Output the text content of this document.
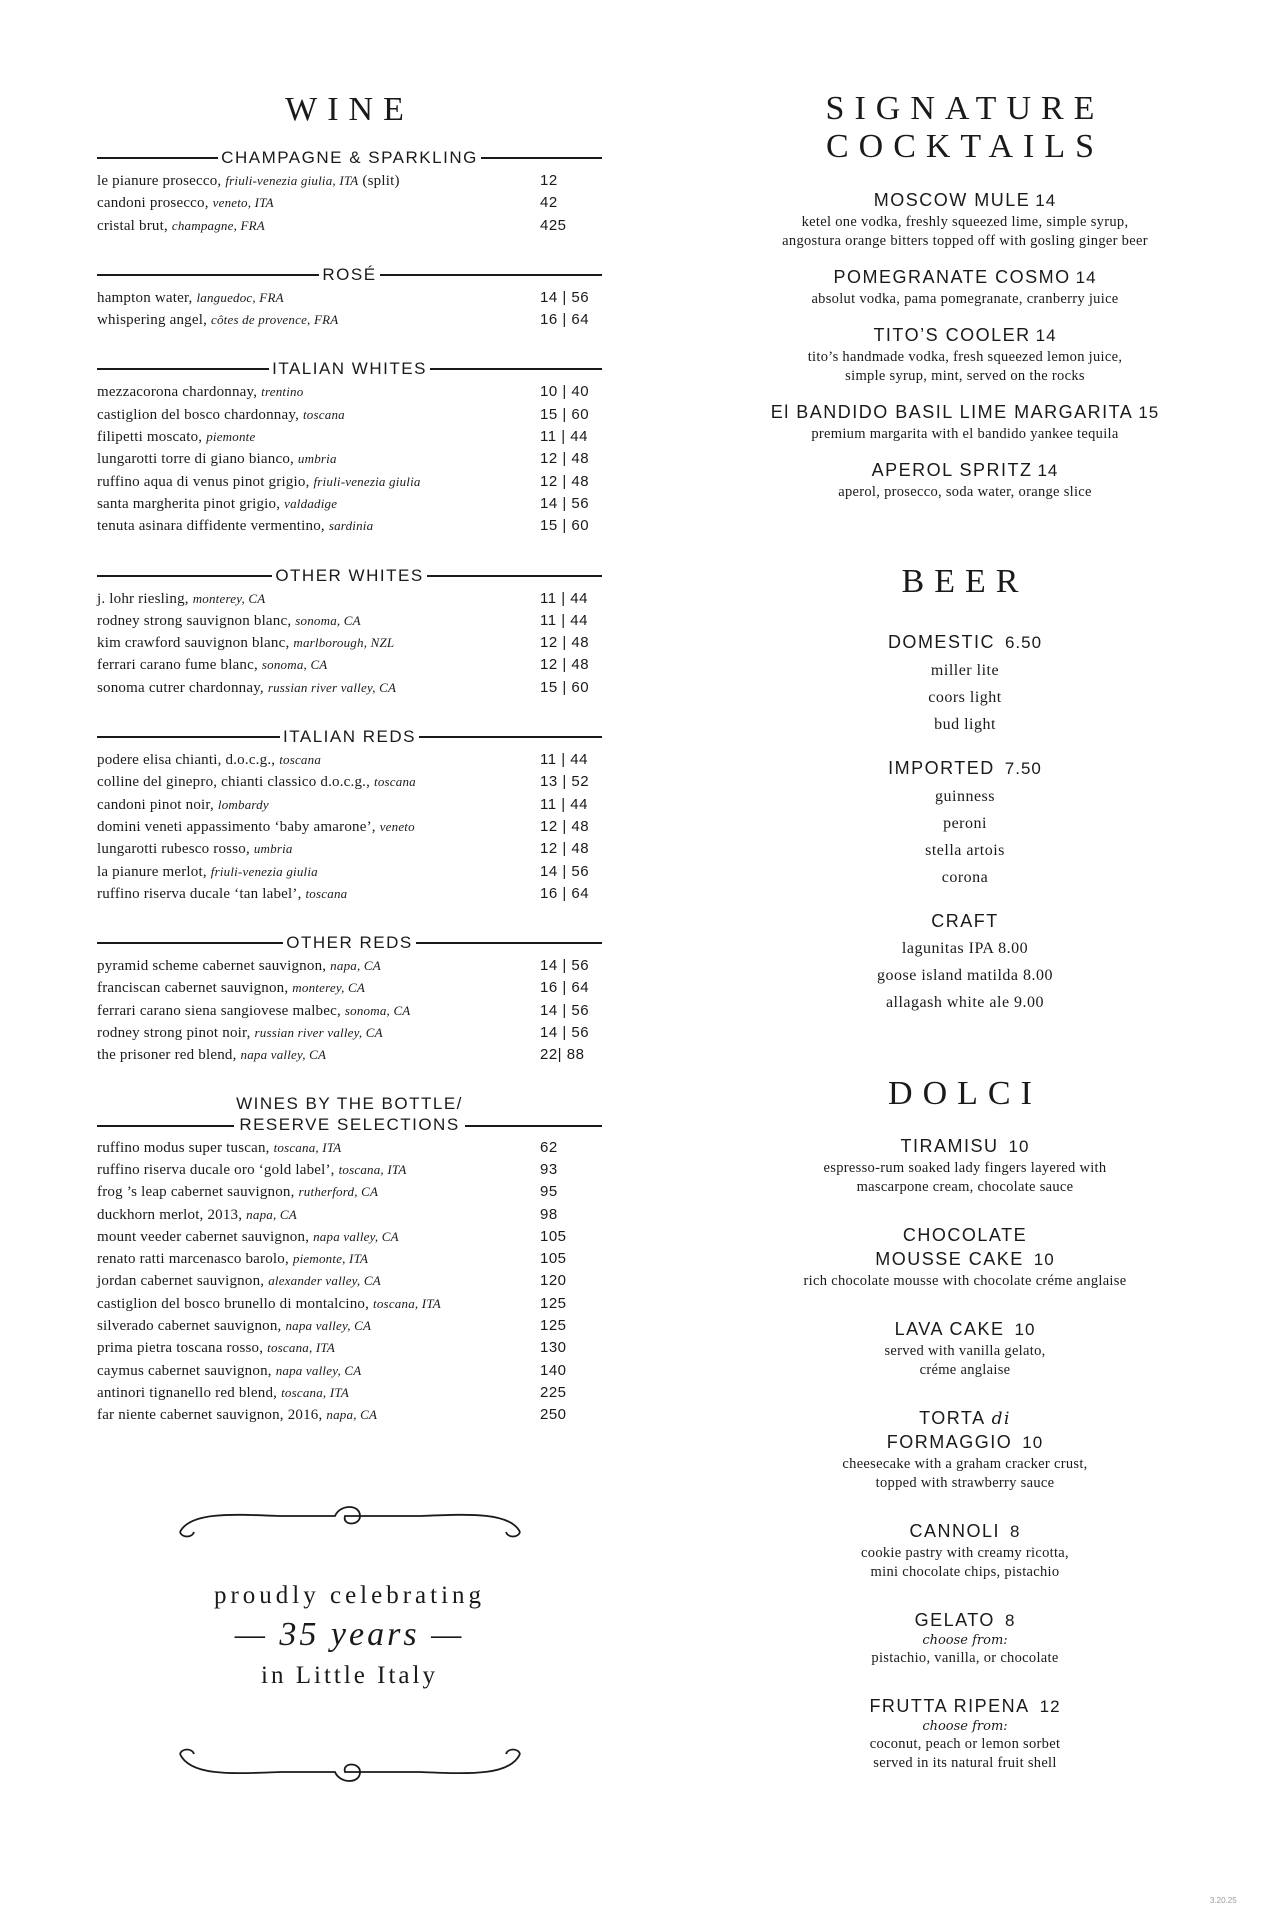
WINE
CHAMPAGNE & SPARKLING
le pianure prosecco, friuli-venezia giulia, ITA (split)	12
candoni prosecco, veneto, ITA	42
cristal brut, champagne, FRA	425
ROSÉ
hampton water, languedoc, FRA	14 | 56
whispering angel, côtes de provence, FRA	16 | 64
ITALIAN WHITES
mezzacorona chardonnay, trentino	10 | 40
castiglion del bosco chardonnay, toscana	15 | 60
filipetti moscato, piemonte	11 | 44
lungarotti torre di giano bianco, umbria	12 | 48
ruffino aqua di venus pinot grigio, friuli-venezia giulia	12 | 48
santa margherita pinot grigio, valdadige	14 | 56
tenuta asinara diffidente vermentino, sardinia	15 | 60
OTHER WHITES
j. lohr riesling, monterey, CA	11 | 44
rodney strong sauvignon blanc, sonoma, CA	11 | 44
kim crawford sauvignon blanc, marlborough, NZL	12 | 48
ferrari carano fume blanc, sonoma, CA	12 | 48
sonoma cutrer chardonnay, russian river valley, CA	15 | 60
ITALIAN REDS
podere elisa chianti, d.o.c.g., toscana	11 | 44
colline del ginepro, chianti classico d.o.c.g., toscana	13 | 52
candoni pinot noir, lombardy	11 | 44
domini veneti appassimento ‘baby amarone’, veneto	12 | 48
lungarotti rubesco rosso, umbria	12 | 48
la pianure merlot, friuli-venezia giulia	14 | 56
ruffino riserva ducale ‘tan label’, toscana	16 | 64
OTHER REDS
pyramid scheme cabernet sauvignon, napa, CA	14 | 56
franciscan cabernet sauvignon, monterey, CA	16 | 64
ferrari carano siena sangiovese malbec, sonoma, CA	14 | 56
rodney strong pinot noir, russian river valley, CA	14 | 56
the prisoner red blend, napa valley, CA	22| 88
WINES BY THE BOTTLE/
RESERVE SELECTIONS
ruffino modus super tuscan, toscana, ITA	62
ruffino riserva ducale oro ‘gold label’, toscana, ITA	93
frog ’s leap cabernet sauvignon, rutherford, CA	95
duckhorn merlot, 2013, napa, CA	98
mount veeder cabernet sauvignon, napa valley, CA	105
renato ratti marcenasco barolo, piemonte, ITA	105
jordan cabernet sauvignon, alexander valley, CA	120
castiglion del bosco brunello di montalcino, toscana, ITA	125
silverado cabernet sauvignon, napa valley, CA	125
prima pietra toscana rosso, toscana, ITA	130
caymus cabernet sauvignon, napa valley, CA	140
antinori tignanello red blend, toscana, ITA	225
far niente cabernet sauvignon, 2016, napa, CA	250
proudly celebrating
— 35 years —
in Little Italy
SIGNATURE
COCKTAILS
MOSCOW MULE 14
ketel one vodka, freshly squeezed lime, simple syrup,
angostura orange bitters topped off with gosling ginger beer
POMEGRANATE COSMO 14
absolut vodka, pama pomegranate, cranberry juice
TITO’S COOLER 14
tito’s handmade vodka, fresh squeezed lemon juice,
simple syrup, mint, served on the rocks
El BANDIDO BASIL LIME MARGARITA 15
premium margarita with el bandido yankee tequila
APEROL SPRITZ 14
aperol, prosecco, soda water, orange slice
BEER
DOMESTIC 6.50
miller lite
coors light
bud light
IMPORTED 7.50
guinness
peroni
stella artois
corona
CRAFT
lagunitas IPA 8.00
goose island matilda 8.00
allagash white ale 9.00
DOLCI
TIRAMISU 10
espresso-rum soaked lady fingers layered with
mascarpone cream, chocolate sauce
CHOCOLATE
MOUSSE CAKE 10
rich chocolate mousse with chocolate créme anglaise
LAVA CAKE 10
served with vanilla gelato,
créme anglaise
TORTA di
FORMAGGIO 10
cheesecake with a graham cracker crust,
topped with strawberry sauce
CANNOLI 8
cookie pastry with creamy ricotta,
mini chocolate chips, pistachio
GELATO 8
choose from:
pistachio, vanilla, or chocolate
FRUTTA RIPENA 12
choose from:
coconut, peach or lemon sorbet
served in its natural fruit shell
3.20.25
